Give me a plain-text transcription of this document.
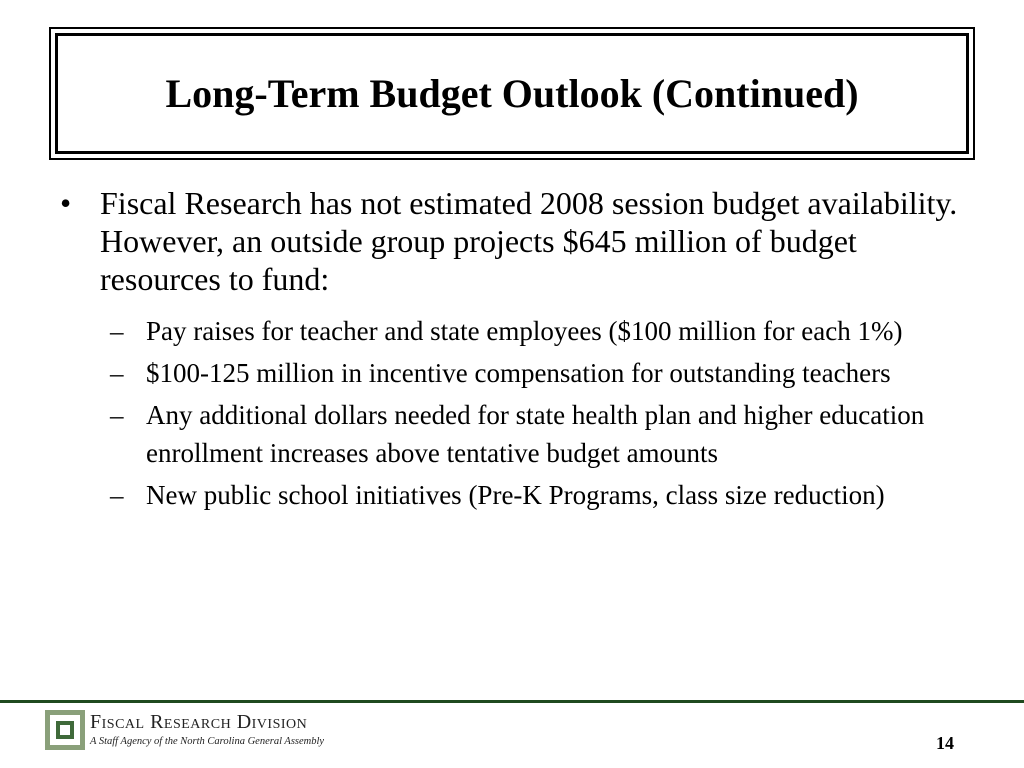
Long-Term Budget Outlook (Continued)
• Fiscal Research has not estimated 2008 session budget availability. However, an outside group projects $645 million of budget resources to fund:
– Pay raises for teacher and state employees ($100 million for each 1%)
– $100-125 million in incentive compensation for outstanding teachers
– Any additional dollars needed for state health plan and higher education enrollment increases above tentative budget amounts
– New public school initiatives (Pre-K Programs, class size reduction)
Fiscal Research Division
A Staff Agency of the North Carolina General Assembly	14
